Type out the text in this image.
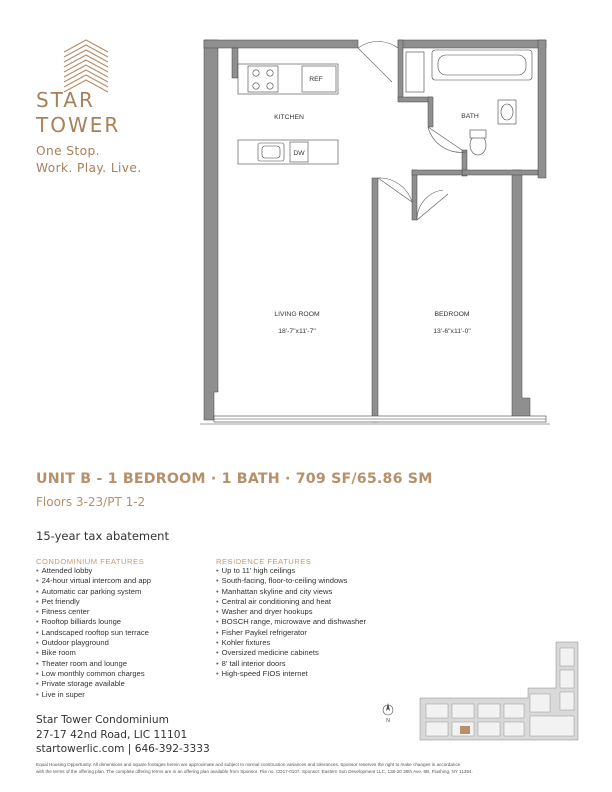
STAR
TOWER
One Stop.
Work. Play. Live.
REF
KITCHEN
DW
BATH
LIVING ROOM
18'-7"x11'-7"
BEDROOM
13'-6"x11'-0"
UNIT B - 1 BEDROOM · 1 BATH · 709 SF/65.86 SM
Floors 3-23/PT 1-2
15-year tax abatement
CONDOMINIUM FEATURES
• Attended lobby
• 24-hour virtual intercom and app
• Automatic car parking system
• Pet friendly
• Fitness center
• Rooftop billiards lounge
• Landscaped rooftop sun terrace
• Outdoor playground
• Bike room
• Theater room and lounge
• Low monthly common charges
• Private storage available
• Live in super
RESIDENCE FEATURES
• Up to 11' high ceilings
• South-facing, floor-to-ceiling windows
• Manhattan skyline and city views
• Central air conditioning and heat
• Washer and dryer hookups
• BOSCH range, microwave and dishwasher
• Fisher Paykel refrigerator
• Kohler fixtures
• Oversized medicine cabinets
• 8' tall interior doors
• High-speed FIOS internet
N
Star Tower Condominium
27-17 42nd Road, LIC 11101
startowerlic.com | 646-392-3333
Equal Housing Opportunity. All dimensions and square footages herein are approximate and subject to normal construction variances and tolerances. Sponsor reserves the right to make changes in accordance
with the terms of the offering plan. The complete offering terms are in an offering plan available from Sponsor. File no. CD17-0107. Sponsor: Eastern Sun Development LLC, 136-20 38th Ave, 6B, Flushing, NY 11354.
